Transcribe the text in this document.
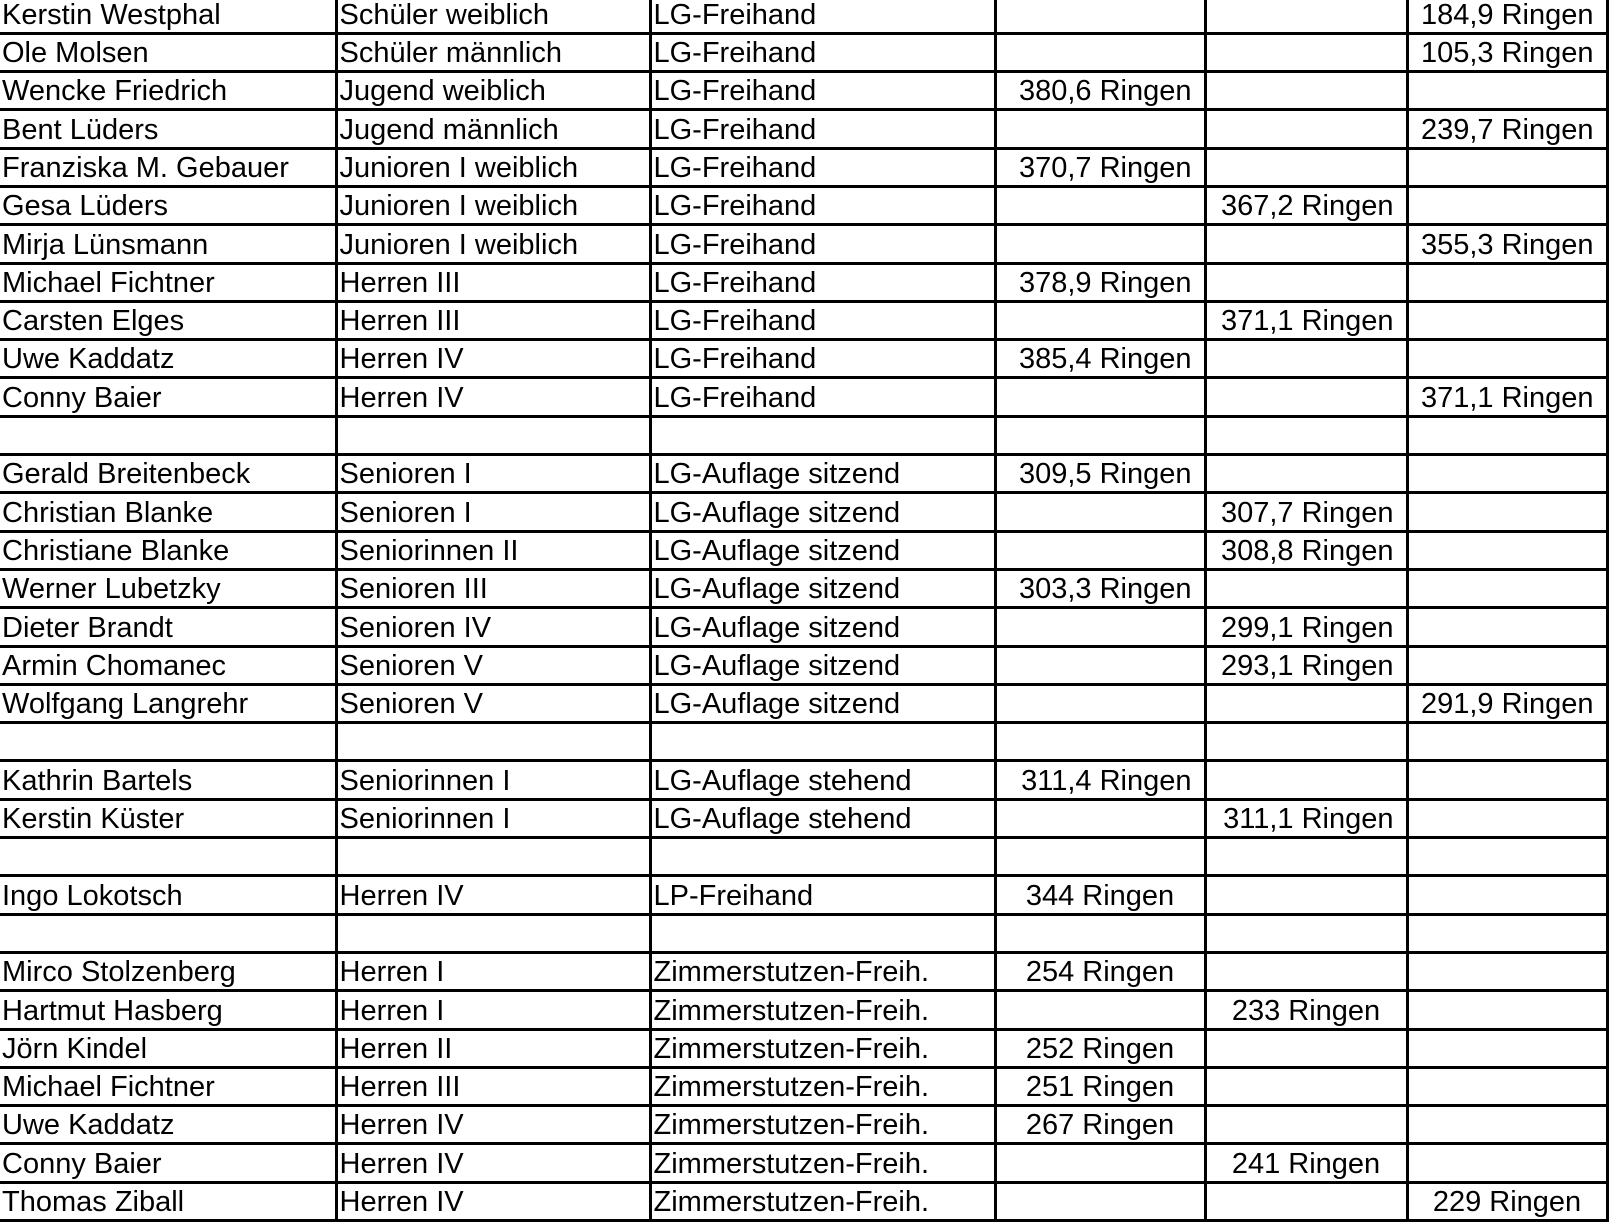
Kerstin Westphal	Schüler weiblich	LG-Freihand			184,9 Ringen
Ole Molsen	Schüler männlich	LG-Freihand			105,3 Ringen
Wencke Friedrich	Jugend weiblich	LG-Freihand	380,6 Ringen		
Bent Lüders	Jugend männlich	LG-Freihand			239,7 Ringen
Franziska M. Gebauer	Junioren I weiblich	LG-Freihand	370,7 Ringen		
Gesa Lüders	Junioren I weiblich	LG-Freihand		367,2 Ringen	
Mirja Lünsmann	Junioren I weiblich	LG-Freihand			355,3 Ringen
Michael Fichtner	Herren III	LG-Freihand	378,9 Ringen		
Carsten Elges	Herren III	LG-Freihand		371,1 Ringen	
Uwe Kaddatz	Herren IV	LG-Freihand	385,4 Ringen		
Conny Baier	Herren IV	LG-Freihand			371,1 Ringen

Gerald Breitenbeck	Senioren I	LG-Auflage sitzend	309,5 Ringen		
Christian Blanke	Senioren I	LG-Auflage sitzend		307,7 Ringen	
Christiane Blanke	Seniorinnen II	LG-Auflage sitzend		308,8 Ringen	
Werner Lubetzky	Senioren III	LG-Auflage sitzend	303,3 Ringen		
Dieter Brandt	Senioren IV	LG-Auflage sitzend		299,1 Ringen	
Armin Chomanec	Senioren V	LG-Auflage sitzend		293,1 Ringen	
Wolfgang Langrehr	Senioren V	LG-Auflage sitzend			291,9 Ringen

Kathrin Bartels	Seniorinnen I	LG-Auflage stehend	311,4 Ringen		
Kerstin Küster	Seniorinnen I	LG-Auflage stehend		311,1 Ringen	

Ingo Lokotsch	Herren IV	LP-Freihand	344 Ringen		

Mirco Stolzenberg	Herren I	Zimmerstutzen-Freih.	254 Ringen		
Hartmut Hasberg	Herren I	Zimmerstutzen-Freih.		233 Ringen	
Jörn Kindel	Herren II	Zimmerstutzen-Freih.	252 Ringen		
Michael Fichtner	Herren III	Zimmerstutzen-Freih.	251 Ringen		
Uwe Kaddatz	Herren IV	Zimmerstutzen-Freih.	267 Ringen		
Conny Baier	Herren IV	Zimmerstutzen-Freih.		241 Ringen	
Thomas Ziball	Herren IV	Zimmerstutzen-Freih.			229 Ringen
